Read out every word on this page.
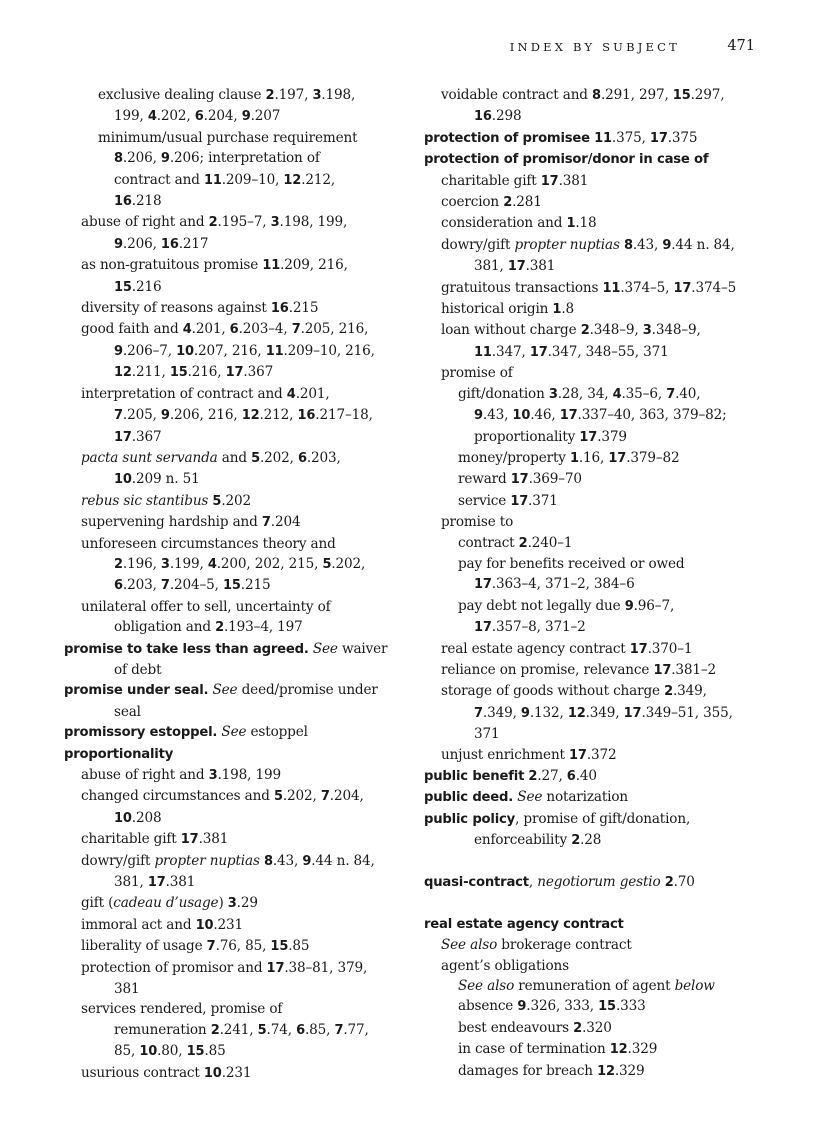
INDEX BY SUBJECT	471
exclusive dealing clause 2.197, 3.198,
199, 4.202, 6.204, 9.207
minimum/usual purchase requirement
8.206, 9.206; interpretation of
contract and 11.209–10, 12.212,
16.218
abuse of right and 2.195–7, 3.198, 199,
9.206, 16.217
as non-gratuitous promise 11.209, 216,
15.216
diversity of reasons against 16.215
good faith and 4.201, 6.203–4, 7.205, 216,
9.206–7, 10.207, 216, 11.209–10, 216,
12.211, 15.216, 17.367
interpretation of contract and 4.201,
7.205, 9.206, 216, 12.212, 16.217–18,
17.367
pacta sunt servanda and 5.202, 6.203,
10.209 n. 51
rebus sic stantibus 5.202
supervening hardship and 7.204
unforeseen circumstances theory and
2.196, 3.199, 4.200, 202, 215, 5.202,
6.203, 7.204–5, 15.215
unilateral offer to sell, uncertainty of
obligation and 2.193–4, 197
promise to take less than agreed. See waiver
of debt
promise under seal. See deed/promise under
seal
promissory estoppel. See estoppel
proportionality
abuse of right and 3.198, 199
changed circumstances and 5.202, 7.204,
10.208
charitable gift 17.381
dowry/gift propter nuptias 8.43, 9.44 n. 84,
381, 17.381
gift (cadeau d’usage) 3.29
immoral act and 10.231
liberality of usage 7.76, 85, 15.85
protection of promisor and 17.38–81, 379,
381
services rendered, promise of
remuneration 2.241, 5.74, 6.85, 7.77,
85, 10.80, 15.85
usurious contract 10.231
voidable contract and 8.291, 297, 15.297,
16.298
protection of promisee 11.375, 17.375
protection of promisor/donor in case of
charitable gift 17.381
coercion 2.281
consideration and 1.18
dowry/gift propter nuptias 8.43, 9.44 n. 84,
381, 17.381
gratuitous transactions 11.374–5, 17.374–5
historical origin 1.8
loan without charge 2.348–9, 3.348–9,
11.347, 17.347, 348–55, 371
promise of
gift/donation 3.28, 34, 4.35–6, 7.40,
9.43, 10.46, 17.337–40, 363, 379–82;
proportionality 17.379
money/property 1.16, 17.379–82
reward 17.369–70
service 17.371
promise to
contract 2.240–1
pay for benefits received or owed
17.363–4, 371–2, 384–6
pay debt not legally due 9.96–7,
17.357–8, 371–2
real estate agency contract 17.370–1
reliance on promise, relevance 17.381–2
storage of goods without charge 2.349,
7.349, 9.132, 12.349, 17.349–51, 355,
371
unjust enrichment 17.372
public benefit 2.27, 6.40
public deed. See notarization
public policy, promise of gift/donation,
enforceability 2.28
quasi-contract, negotiorum gestio 2.70
real estate agency contract
See also brokerage contract
agent’s obligations
See also remuneration of agent below
absence 9.326, 333, 15.333
best endeavours 2.320
in case of termination 12.329
damages for breach 12.329
